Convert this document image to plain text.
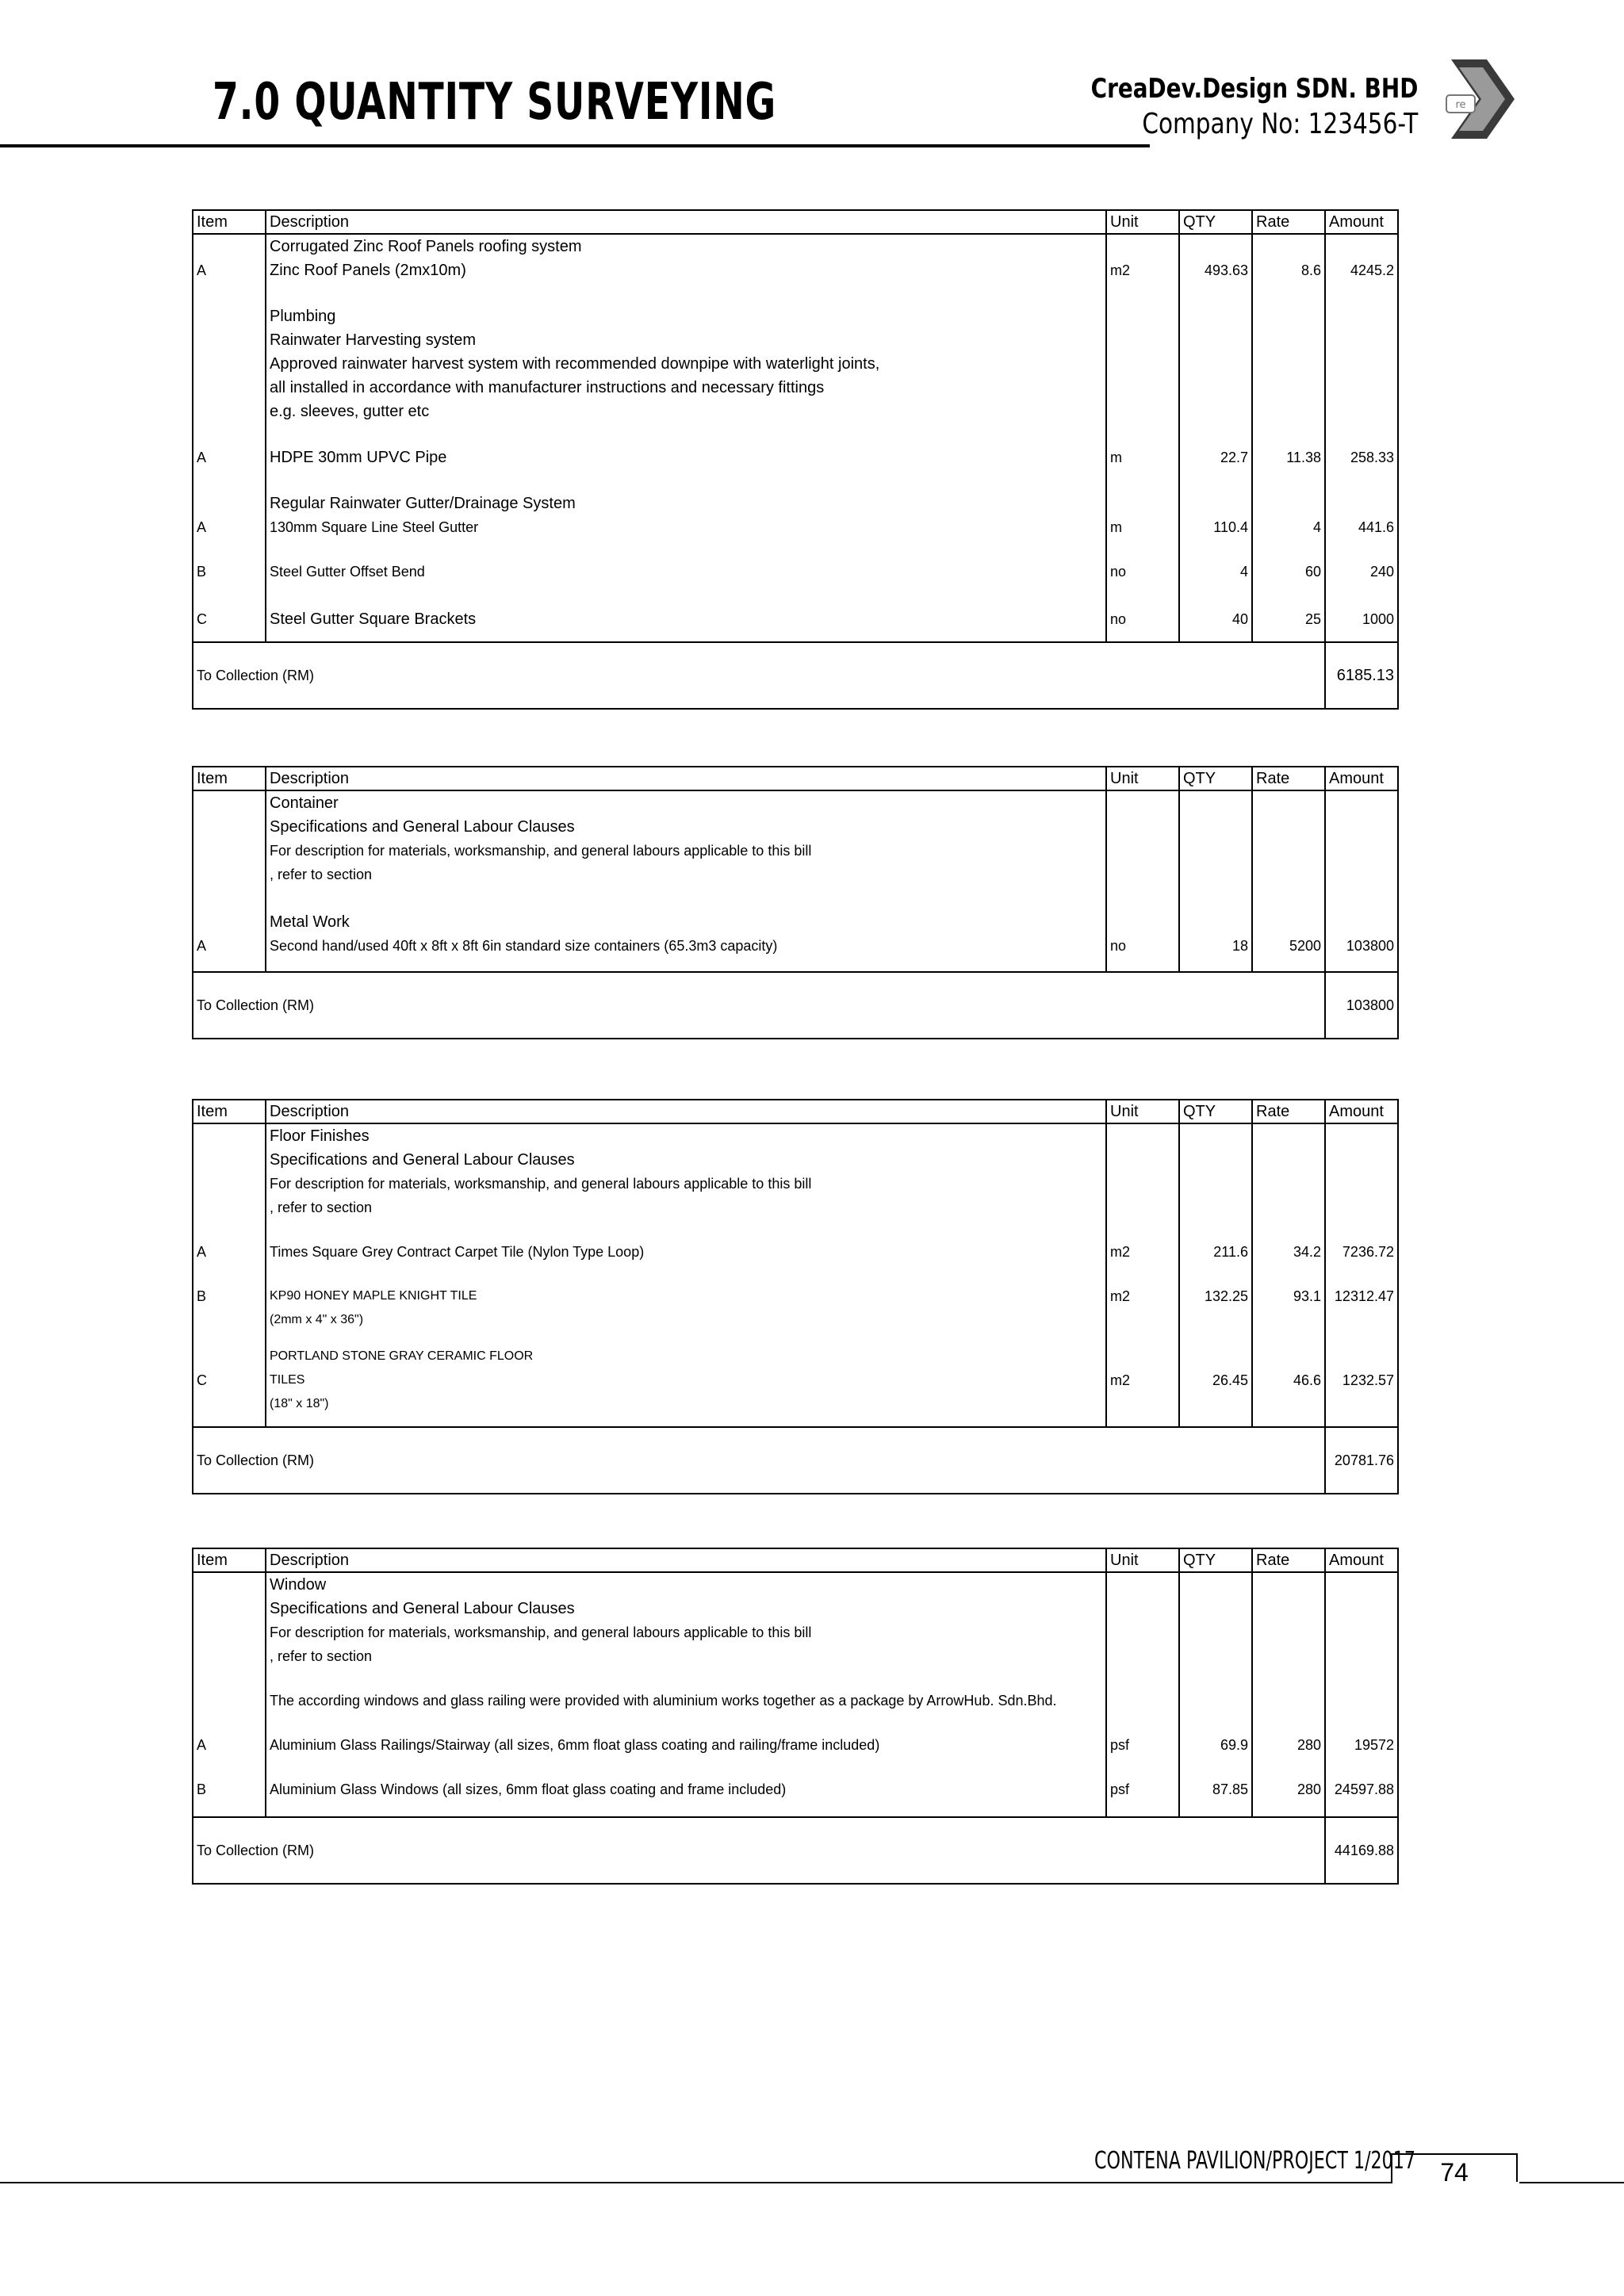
7.0 QUANTITY SURVEYING	CreaDev.Design SDN. BHD
Company No: 123456-T
re
Item	Description	Unit	QTY	Rate	Amount
	Corrugated Zinc Roof Panels roofing system				
A	Zinc Roof Panels (2mx10m)	m2	493.63	8.6	4245.2

	Plumbing				
	Rainwater Harvesting system				
	Approved rainwater harvest system with recommended downpipe with waterlight joints,				
	all installed in accordance with manufacturer instructions and necessary fittings				
	e.g. sleeves, gutter etc				

A	HDPE 30mm UPVC Pipe	m	22.7	11.38	258.33

	Regular Rainwater Gutter/Drainage System				
A	130mm Square Line Steel Gutter	m	110.4	4	441.6

B	Steel Gutter Offset Bend	no	4	60	240

C	Steel Gutter Square Brackets	no	40	25	1000

To Collection (RM)					6185.13
Item	Description	Unit	QTY	Rate	Amount
	Container				
	Specifications and General Labour Clauses				
	For description for materials, worksmanship, and general labours applicable to this bill				
	, refer to section				

	Metal Work				
A	Second hand/used 40ft x 8ft x 8ft 6in standard size containers (65.3m3 capacity)	no	18	5200	103800

To Collection (RM)					103800
Item	Description	Unit	QTY	Rate	Amount
	Floor Finishes				
	Specifications and General Labour Clauses				
	For description for materials, worksmanship, and general labours applicable to this bill				
	, refer to section				

A	Times Square Grey Contract Carpet Tile (Nylon Type Loop)	m2	211.6	34.2	7236.72

B	KP90 HONEY MAPLE KNIGHT TILE	m2	132.25	93.1	12312.47
	(2mm x 4" x 36")				

	PORTLAND STONE GRAY CERAMIC FLOOR				
C	TILES	m2	26.45	46.6	1232.57
	(18" x 18")				

To Collection (RM)					20781.76
Item	Description	Unit	QTY	Rate	Amount
	Window				
	Specifications and General Labour Clauses				
	For description for materials, worksmanship, and general labours applicable to this bill				
	, refer to section				

	The according windows and glass railing were provided with aluminium works together as a package by ArrowHub. Sdn.Bhd.				

A	Aluminium Glass Railings/Stairway (all sizes, 6mm float glass coating and railing/frame included)	psf	69.9	280	19572

B	Aluminium Glass Windows (all sizes, 6mm float glass coating and frame included)	psf	87.85	280	24597.88

To Collection (RM)					44169.88
CONTENA PAVILION/PROJECT 1/2017 74
